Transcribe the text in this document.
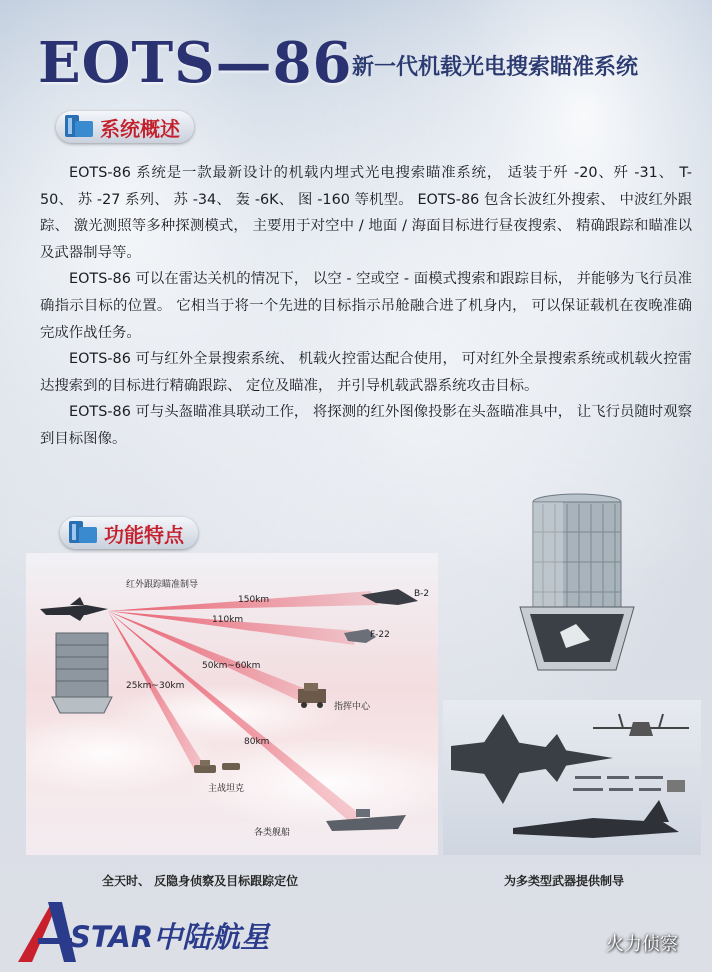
EOTS—86 新一代机载光电搜索瞄准系统
系统概述

EOTS-86 系统是一款最新设计的机载内埋式光电搜索瞄准系统， 适装于歼 -20、歼 -31、 T-50、 苏 -27 系列、 苏 -34、 轰 -6K、 图 -160 等机型。 EOTS-86 包含长波红外搜索、 中波红外跟踪、 激光测照等多种探测模式， 主要用于对空中 / 地面 / 海面目标进行昼夜搜索、 精确跟踪和瞄准以及武器制导等。

EOTS-86 可以在雷达关机的情况下， 以空 - 空或空 - 面模式搜索和跟踪目标， 并能够为飞行员准确指示目标的位置。 它相当于将一个先进的目标指示吊舱融合进了机身内， 可以保证载机在夜晚准确完成作战任务。

EOTS-86 可与红外全景搜索系统、 机载火控雷达配合使用， 可对红外全景搜索系统或机载火控雷达搜索到的目标进行精确跟踪、 定位及瞄准， 并引导机载武器系统攻击目标。

EOTS-86 可与头盔瞄准具联动工作， 将探测的红外图像投影在头盔瞄准具中， 让飞行员随时观察到目标图像。

功能特点
红外跟踪瞄准制导
150km
110km
50km~60km
25km~30km
80km
B-2
F-22
指挥中心
主战坦克
各类舰船
全天时、 反隐身侦察及目标跟踪定位	为多类型武器提供制导
STAR中陆航星	火力侦察
